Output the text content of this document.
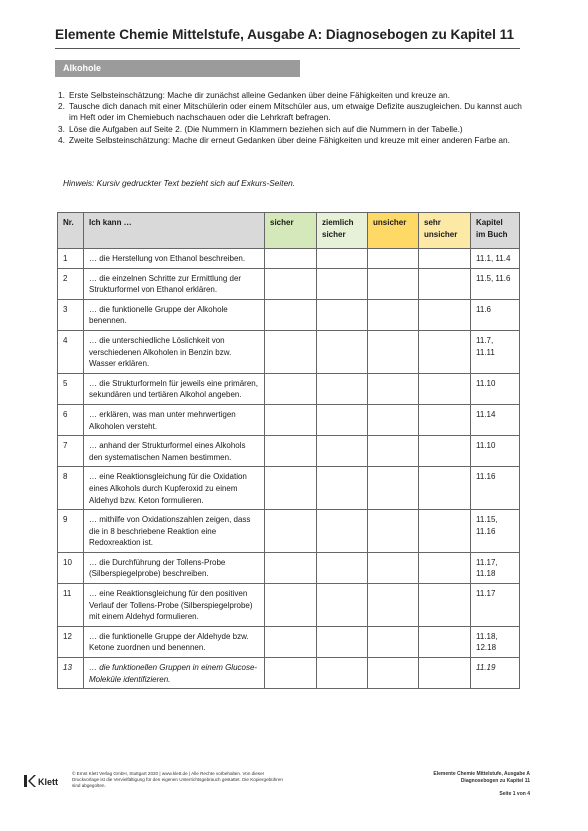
Elemente Chemie Mittelstufe, Ausgabe A: Diagnosebogen zu Kapitel 11
Alkohole
1. Erste Selbsteinschätzung: Mache dir zunächst alleine Gedanken über deine Fähigkeiten und kreuze an.
2. Tausche dich danach mit einer Mitschülerin oder einem Mitschüler aus, um etwaige Defizite auszugleichen. Du kannst auch im Heft oder im Chemiebuch nachschauen oder die Lehrkraft befragen.
3. Löse die Aufgaben auf Seite 2. (Die Nummern in Klammern beziehen sich auf die Nummern in der Tabelle.)
4. Zweite Selbsteinschätzung: Mache dir erneut Gedanken über deine Fähigkeiten und kreuze mit einer anderen Farbe an.
Hinweis: Kursiv gedruckter Text bezieht sich auf Exkurs-Seiten.
Nr.	Ich kann …	sicher	ziemlich sicher	unsicher	sehr unsicher	Kapitel im Buch
1	… die Herstellung von Ethanol beschreiben.					11.1, 11.4
2	… die einzelnen Schritte zur Ermittlung der Strukturformel von Ethanol erklären.					11.5, 11.6
3	… die funktionelle Gruppe der Alkohole benennen.					11.6
4	… die unterschiedliche Löslichkeit von verschiedenen Alkoholen in Benzin bzw. Wasser erklären.					11.7, 11.11
5	… die Strukturformeln für jeweils eine primären, sekundären und tertiären Alkohol angeben.					11.10
6	… erklären, was man unter mehrwertigen Alkoholen versteht.					11.14
7	… anhand der Strukturformel eines Alkohols den systematischen Namen bestimmen.					11.10
8	… eine Reaktionsgleichung für die Oxidation eines Alkohols durch Kupferoxid zu einem Aldehyd bzw. Keton formulieren.					11.16
9	… mithilfe von Oxidationszahlen zeigen, dass die in 8 beschriebene Reaktion eine Redoxreaktion ist.					11.15, 11.16
10	… die Durchführung der Tollens-Probe (Silberspiegelprobe) beschreiben.					11.17, 11.18
11	… eine Reaktionsgleichung für den positiven Verlauf der Tollens-Probe (Silberspiegelprobe) mit einem Aldehyd formulieren.					11.17
12	… die funktionelle Gruppe der Aldehyde bzw. Ketone zuordnen und benennen.					11.18, 12.18
13	… die funktionellen Gruppen in einem Glucose-Moleküle identifizieren.					11.19
Klett
© Ernst Klett Verlag GmbH, Stuttgart 2020 | www.klett.de | Alle Rechte vorbehalten. Von dieser Druckvorlage ist die Vervielfältigung für den eigenen Unterrichtsgebrauch gestattet. Die Kopiergebühren sind abgegolten.
Elemente Chemie Mittelstufe, Ausgabe A
Diagnosebogen zu Kapitel 11
Seite 1 von 4
